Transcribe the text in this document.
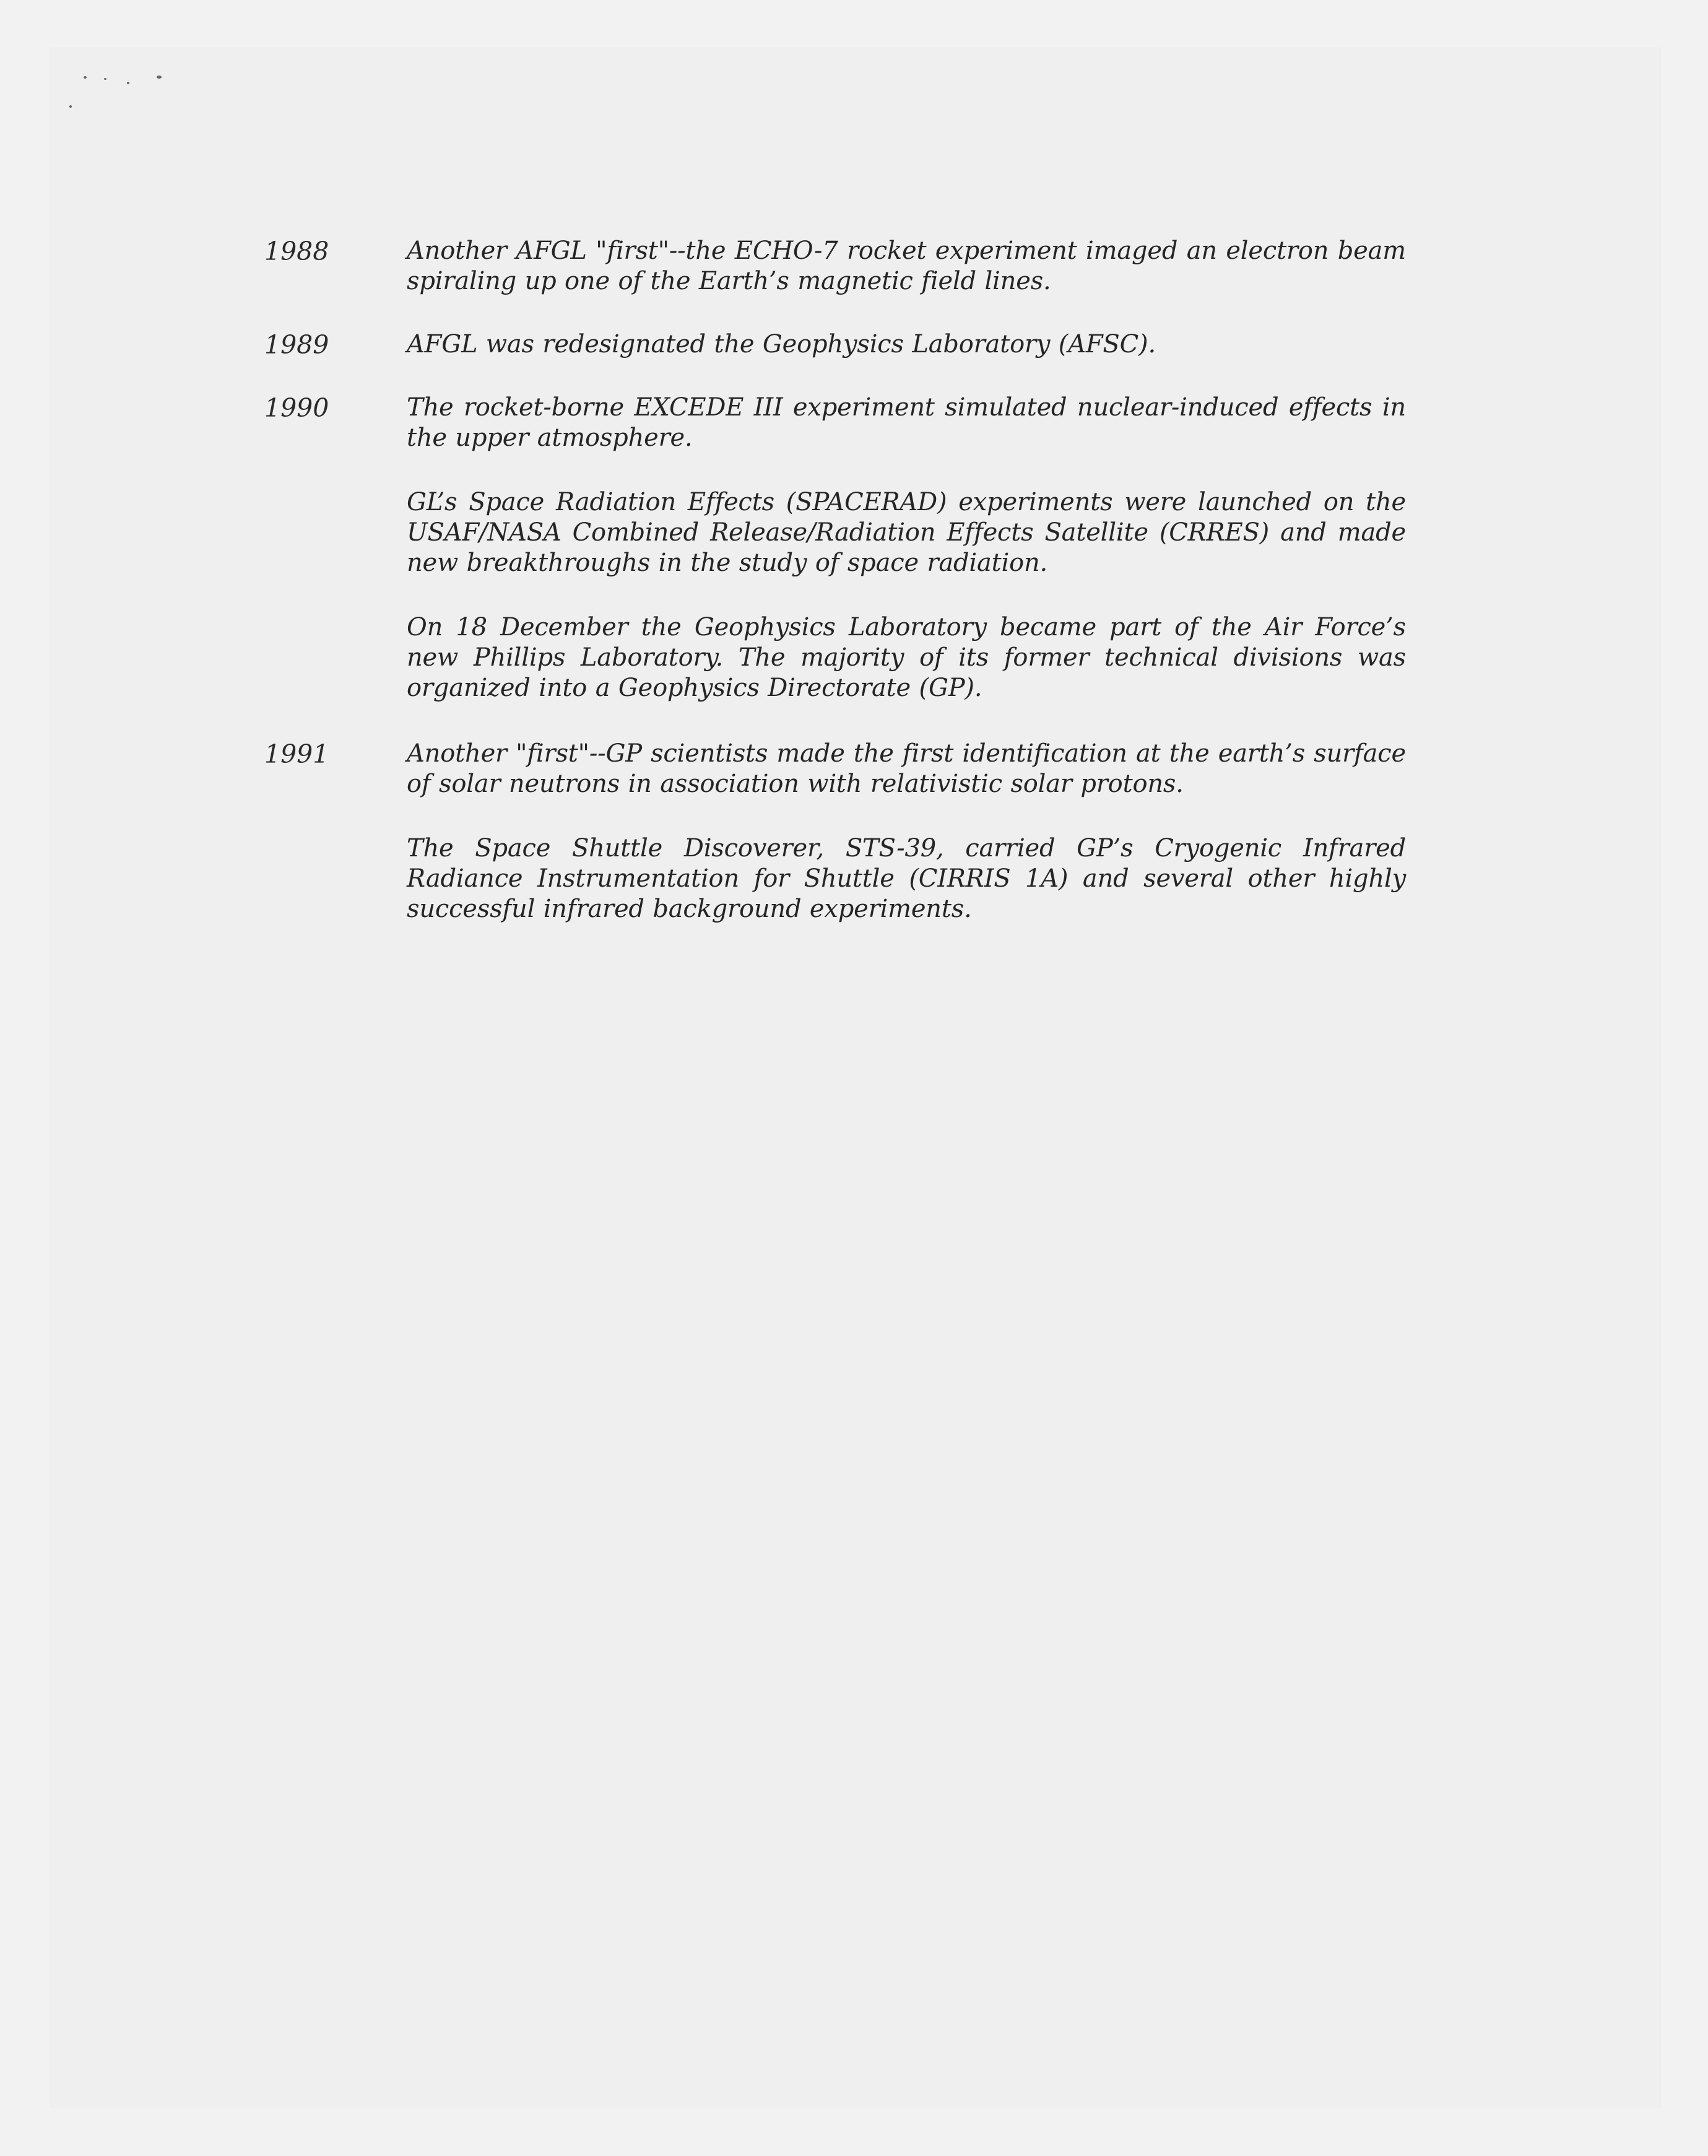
1988	Another AFGL "first"--the ECHO-7 rocket experiment imaged an electron beam spiraling up one of the Earth’s magnetic field lines.
1989	AFGL was redesignated the Geophysics Laboratory (AFSC).
1990	The rocket-borne EXCEDE III experiment simulated nuclear-induced effects in the upper atmosphere.
GL’s Space Radiation Effects (SPACERAD) experiments were launched on the USAF/NASA Combined Release/Radiation Effects Satellite (CRRES) and made new breakthroughs in the study of space radiation.
On 18 December the Geophysics Laboratory became part of the Air Force’s new Phillips Laboratory. The majority of its former technical divisions was organized into a Geophysics Directorate (GP).
1991	Another "first"--GP scientists made the first identification at the earth’s surface of solar neutrons in association with relativistic solar protons.
The Space Shuttle Discoverer, STS-39, carried GP’s Cryogenic Infrared Radiance Instrumentation for Shuttle (CIRRIS 1A) and several other highly successful infrared background experiments.
